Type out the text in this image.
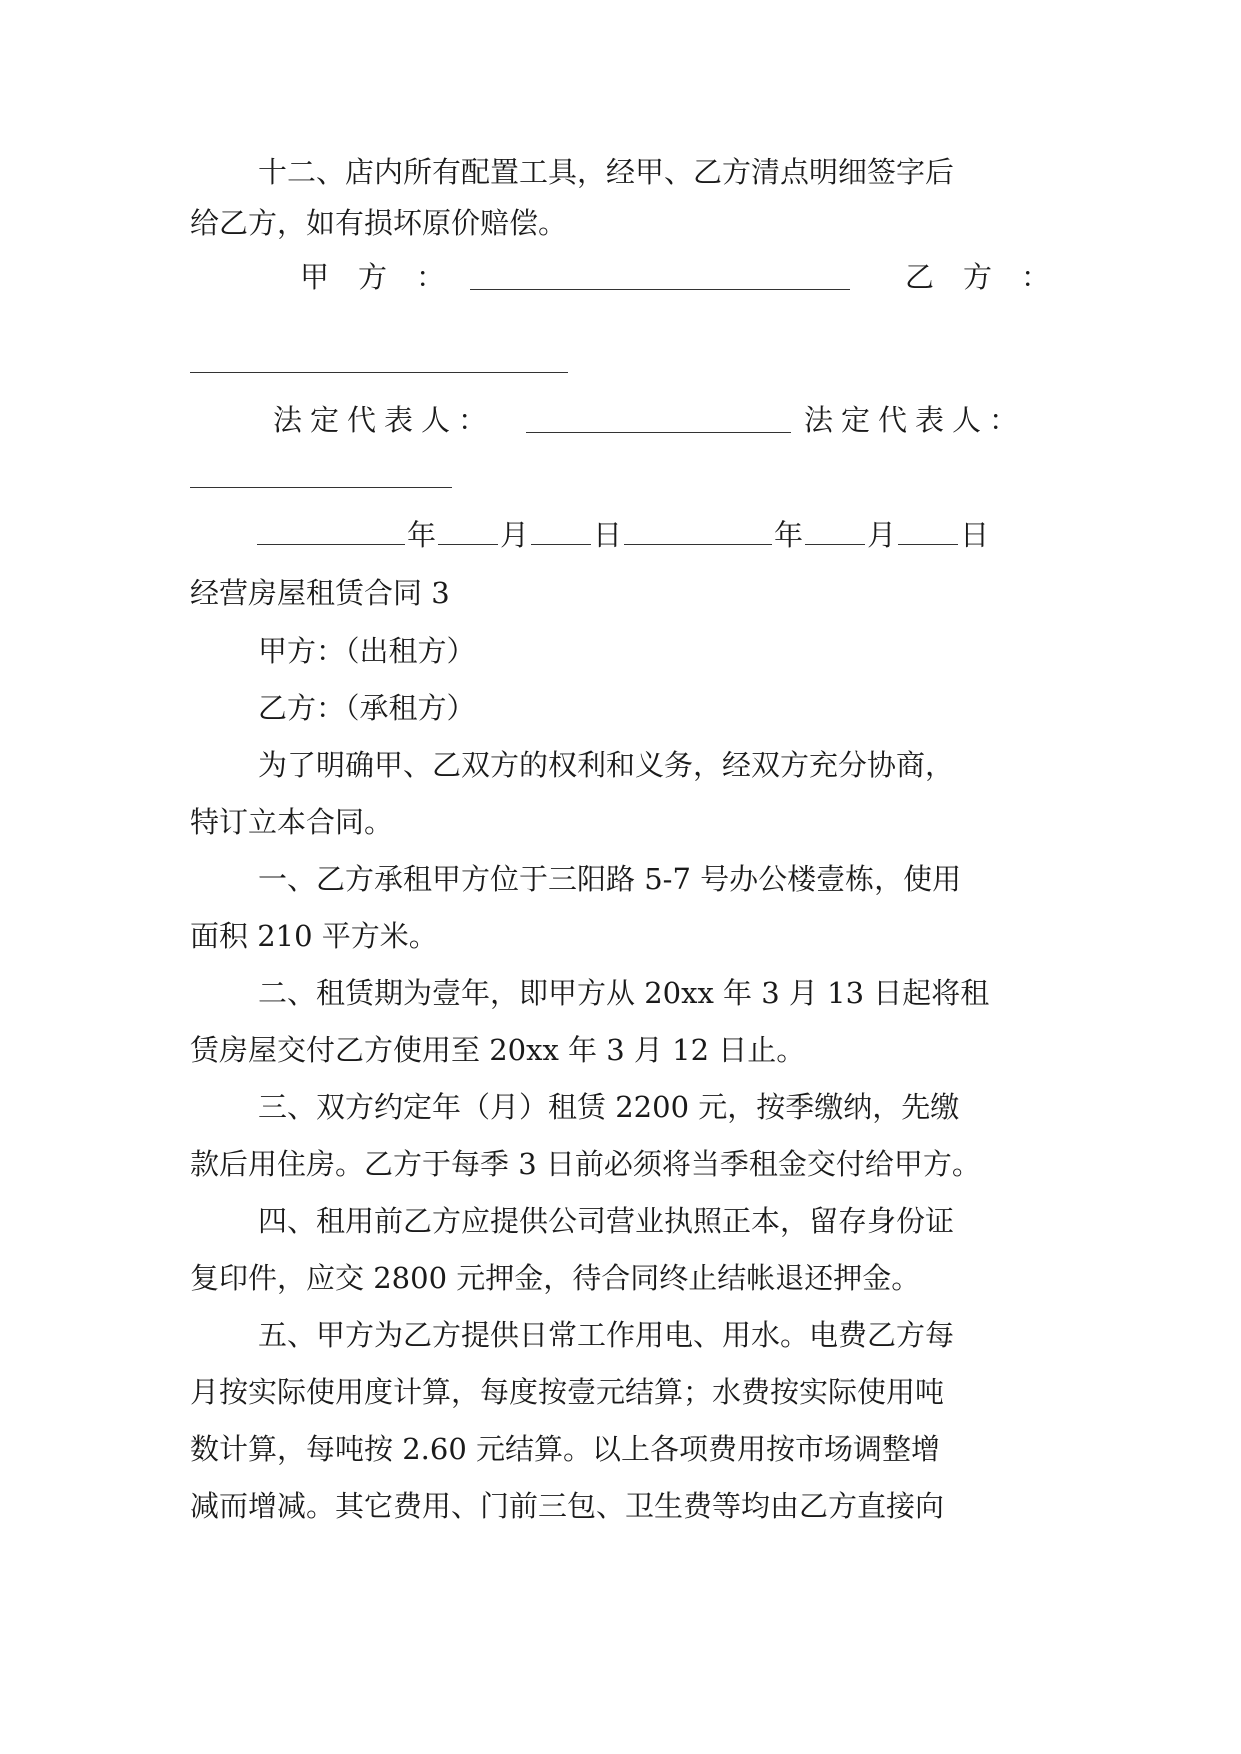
十二、店内所有配置工具，经甲、乙方清点明细签字后
给乙方，如有损坏原价赔偿。
甲　方　：	乙　方　：
法定代表人：	法定代表人：
年 月 日	年 月 日
经营房屋租赁合同 3
甲方：（出租方）
乙方：（承租方）
为了明确甲、乙双方的权利和义务，经双方充分协商，
特订立本合同。
一、乙方承租甲方位于三阳路 5-7 号办公楼壹栋，使用
面积 210 平方米。
二、租赁期为壹年，即甲方从 20xx 年 3 月 13 日起将租
赁房屋交付乙方使用至 20xx 年 3 月 12 日止。
三、双方约定年（月）租赁 2200 元，按季缴纳，先缴
款后用住房。乙方于每季 3 日前必须将当季租金交付给甲方。
四、租用前乙方应提供公司营业执照正本，留存身份证
复印件，应交 2800 元押金，待合同终止结帐退还押金。
五、甲方为乙方提供日常工作用电、用水。电费乙方每
月按实际使用度计算，每度按壹元结算；水费按实际使用吨
数计算，每吨按 2.60 元结算。以上各项费用按市场调整增
减而增减。其它费用、门前三包、卫生费等均由乙方直接向
